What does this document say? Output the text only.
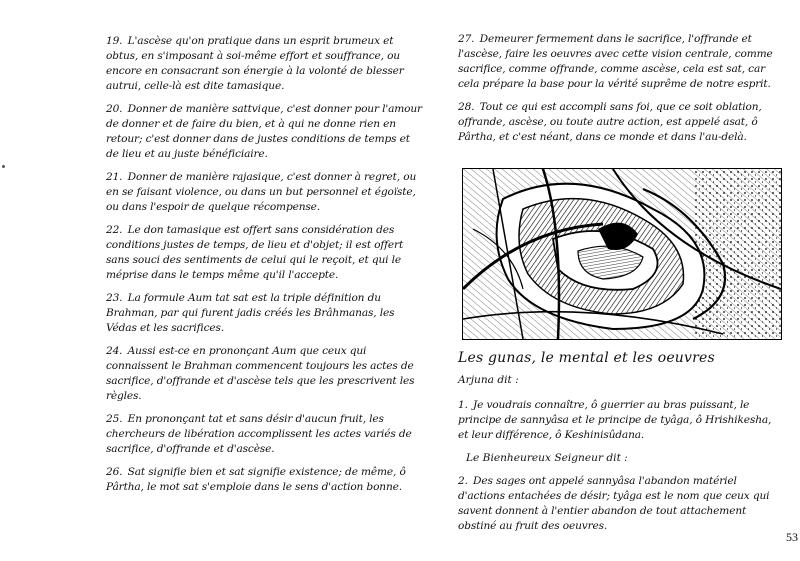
19. L'ascèse qu'on pratique dans un esprit brumeux et obtus, en s'imposant à soi-même effort et souffrance, ou encore en consacrant son énergie à la volonté de blesser autrui, celle-là est dite tamasique.

20. Donner de manière sattvique, c'est donner pour l'amour de donner et de faire du bien, et à qui ne donne rien en retour; c'est donner dans de justes conditions de temps et de lieu et au juste bénéficiaire.

21. Donner de manière rajasique, c'est donner à regret, ou en se faisant violence, ou dans un but personnel et égoïste, ou dans l'espoir de quelque récompense.

22. Le don tamasique est offert sans considération des conditions justes de temps, de lieu et d'objet; il est offert sans souci des sentiments de celui qui le reçoit, et qui le méprise dans le temps même qu'il l'accepte.

23. La formule Aum tat sat est la triple définition du Brahman, par qui furent jadis créés les Brâhmanas, les Védas et les sacrifices.

24. Aussi est-ce en prononçant Aum que ceux qui connaissent le Brahman commencent toujours les actes de sacrifice, d'offrande et d'ascèse tels que les prescrivent les règles.

25. En prononçant tat et sans désir d'aucun fruit, les chercheurs de libération accomplissent les actes variés de sacrifice, d'offrande et d'ascèse.

26. Sat signifie bien et sat signifie existence; de même, ô Pârtha, le mot sat s'emploie dans le sens d'action bonne.

27. Demeurer fermement dans le sacrifice, l'offrande et l'ascèse, faire les oeuvres avec cette vision centrale, comme sacrifice, comme offrande, comme ascèse, cela est sat, car cela prépare la base pour la vérité suprême de notre esprit.

28. Tout ce qui est accompli sans foi, que ce soit oblation, offrande, ascèse, ou toute autre action, est appelé asat, ô Pârtha, et c'est néant, dans ce monde et dans l'au-delà.

Les gunas, le mental et les oeuvres

Arjuna dit :

1. Je voudrais connaître, ô guerrier au bras puissant, le principe de sannyâsa et le principe de tyâga, ô Hrishikesha, et leur différence, ô Keshinisûdana.

Le Bienheureux Seigneur dit :

2. Des sages ont appelé sannyâsa l'abandon matériel d'actions entachées de désir; tyâga est le nom que ceux qui savent donnent à l'entier abandon de tout attachement obstiné au fruit des oeuvres.

53
